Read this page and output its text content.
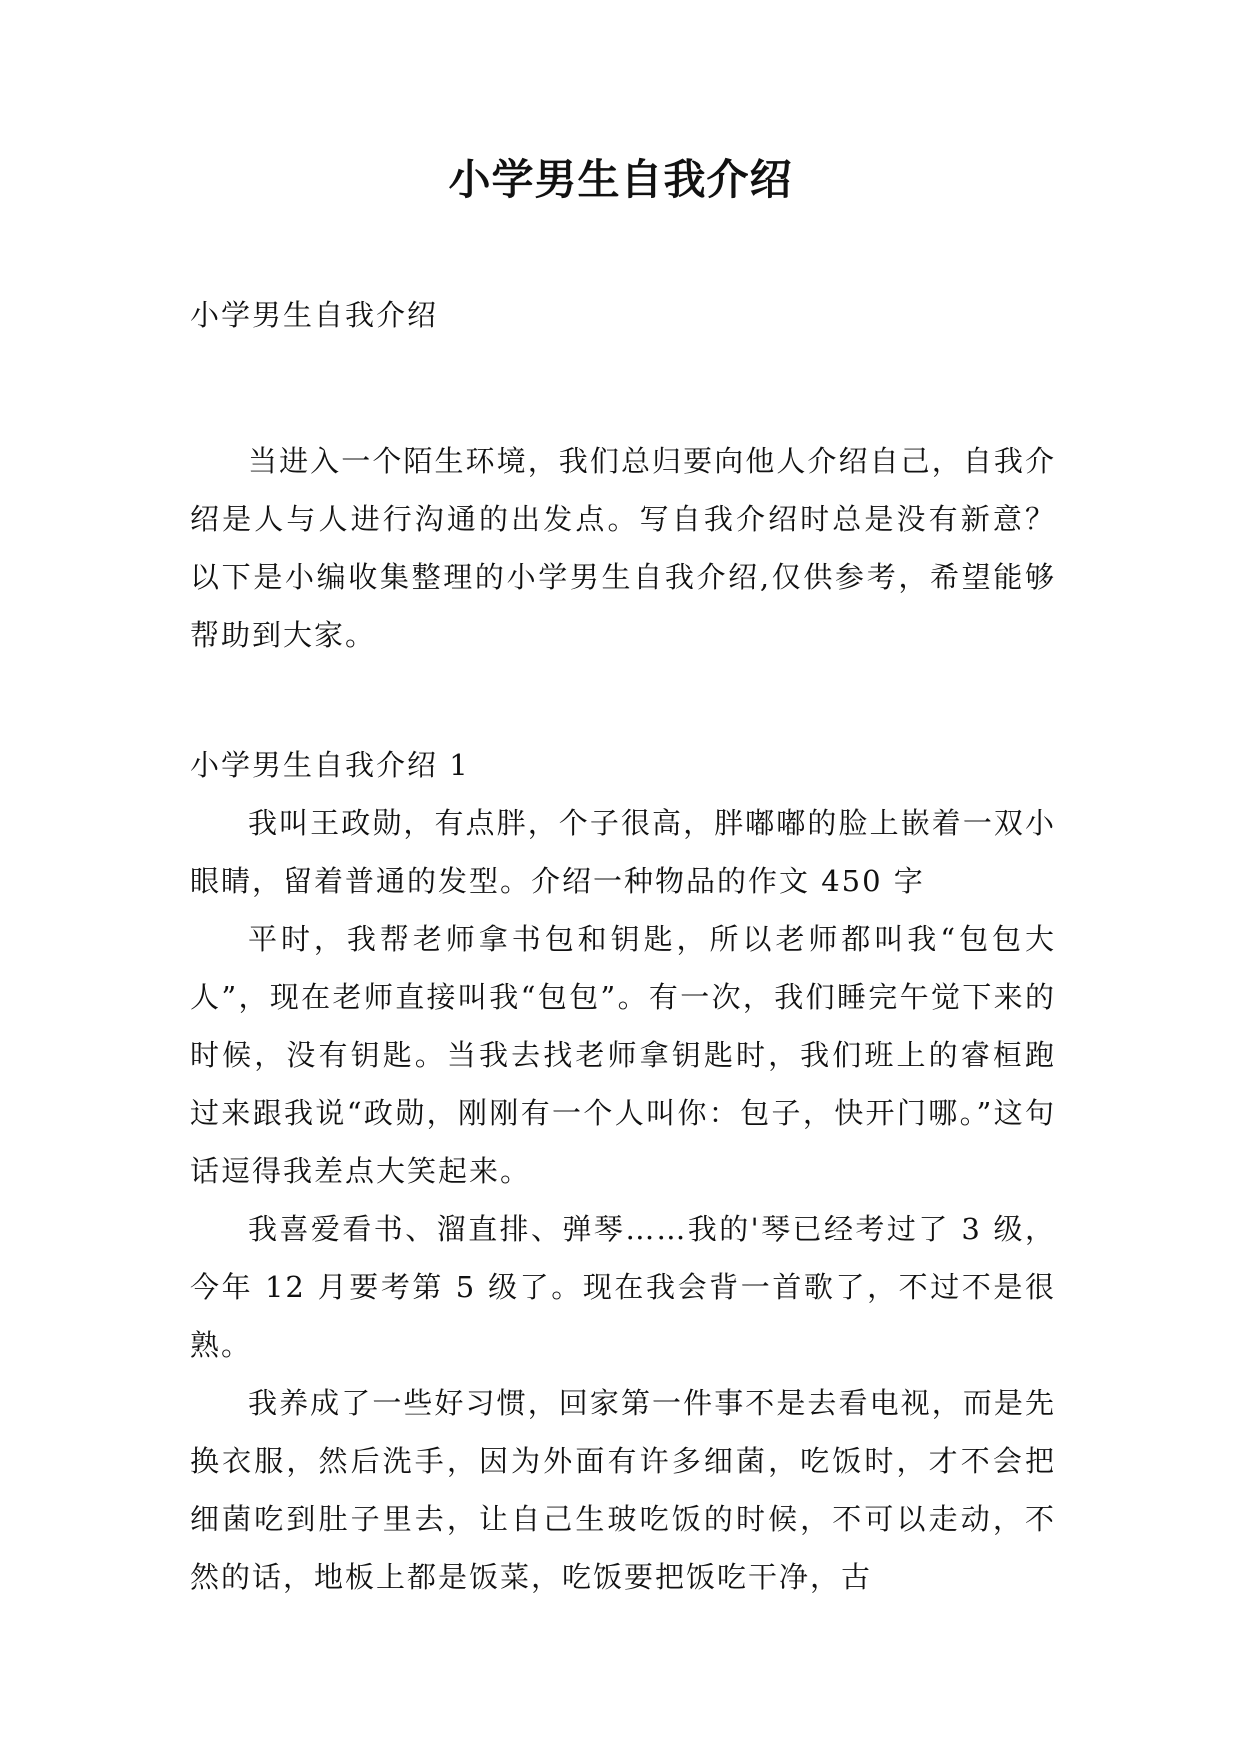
小学男生自我介绍
小学男生自我介绍

当进入一个陌生环境，我们总归要向他人介绍自己，自我介绍是人与人进行沟通的出发点。写自我介绍时总是没有新意？以下是小编收集整理的小学男生自我介绍,仅供参考，希望能够帮助到大家。

小学男生自我介绍 1

我叫王政勋，有点胖，个子很高，胖嘟嘟的脸上嵌着一双小眼睛，留着普通的发型。介绍一种物品的作文 450 字

平时，我帮老师拿书包和钥匙，所以老师都叫我“包包大人”，现在老师直接叫我“包包”。有一次，我们睡完午觉下来的时候，没有钥匙。当我去找老师拿钥匙时，我们班上的睿桓跑过来跟我说“政勋，刚刚有一个人叫你：包子，快开门哪。”这句话逗得我差点大笑起来。

我喜爱看书、溜直排、弹琴……我的'琴已经考过了 3 级，今年 12 月要考第 5 级了。现在我会背一首歌了，不过不是很熟。

我养成了一些好习惯，回家第一件事不是去看电视，而是先换衣服，然后洗手，因为外面有许多细菌，吃饭时，才不会把细菌吃到肚子里去，让自己生玻吃饭的时候，不可以走动，不然的话，地板上都是饭菜，吃饭要把饭吃干净，古
